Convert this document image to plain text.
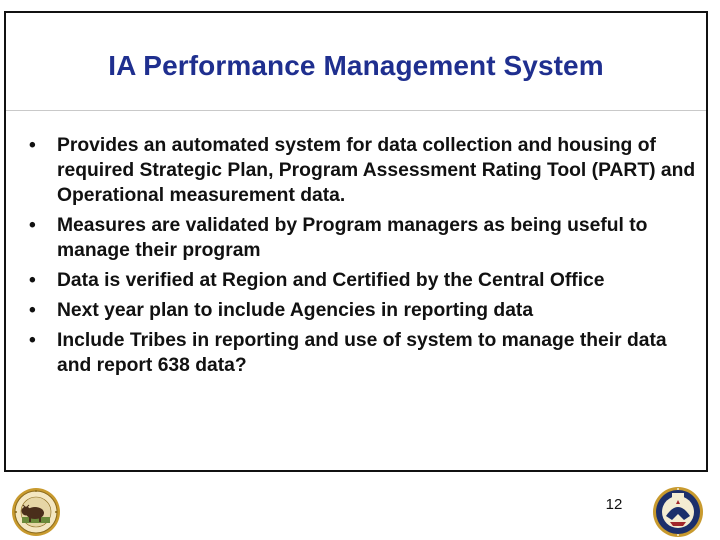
IA Performance Management System
• Provides an automated system for data collection and housing of required Strategic Plan, Program Assessment Rating Tool (PART) and Operational measurement data.
• Measures are validated by Program managers as being useful to manage their program
• Data is verified at Region and Certified by the Central Office
• Next year plan to include Agencies in reporting data
• Include Tribes in reporting and use of system to manage their data and report 638 data?
12
